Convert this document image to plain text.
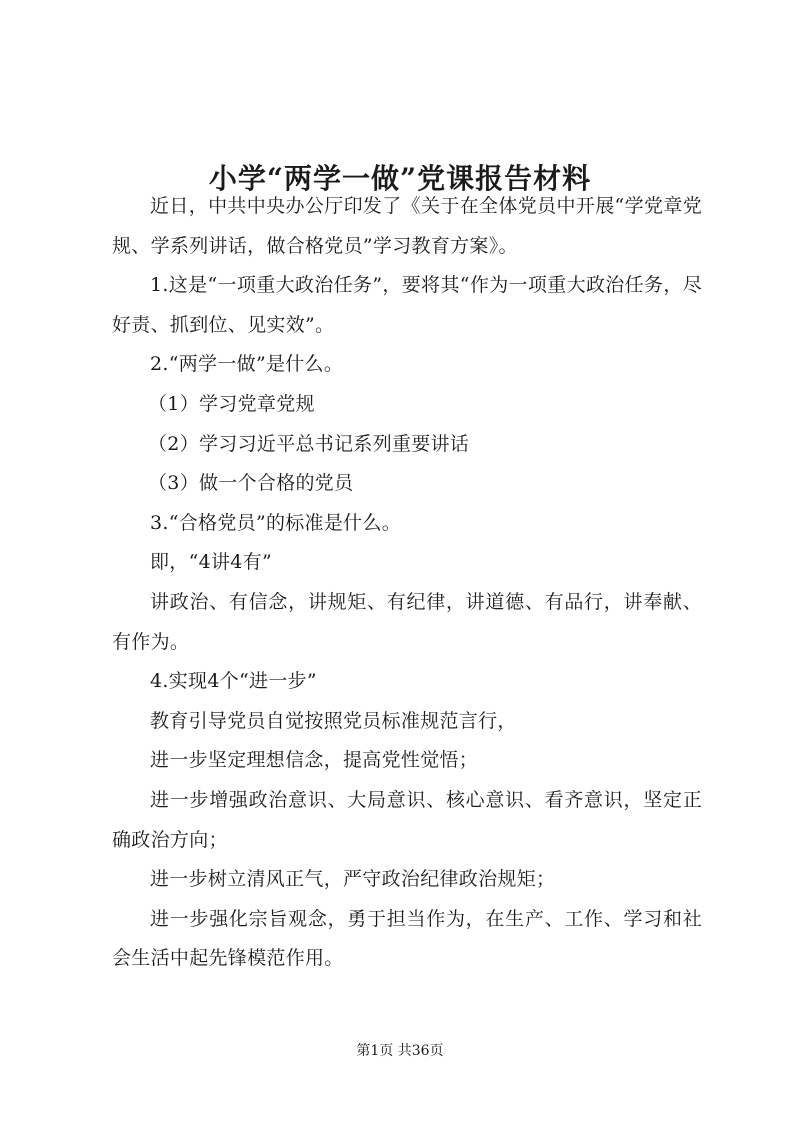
小学“两学一做”党课报告材料

近日，中共中央办公厅印发了《关于在全体党员中开展“学党章党规、学系列讲话，做合格党员”学习教育方案》。

1.这是“一项重大政治任务”，要将其“作为一项重大政治任务，尽好责、抓到位、见实效”。

2.“两学一做”是什么。

（1）学习党章党规

（2）学习习近平总书记系列重要讲话

（3）做一个合格的党员

3.“合格党员”的标准是什么。

即，“4讲4有”

讲政治、有信念，讲规矩、有纪律，讲道德、有品行，讲奉献、有作为。

4.实现4个“进一步”

教育引导党员自觉按照党员标准规范言行，

进一步坚定理想信念，提高党性觉悟；

进一步增强政治意识、大局意识、核心意识、看齐意识，坚定正确政治方向；

进一步树立清风正气，严守政治纪律政治规矩；

进一步强化宗旨观念，勇于担当作为，在生产、工作、学习和社会生活中起先锋模范作用。

第1页 共36页
